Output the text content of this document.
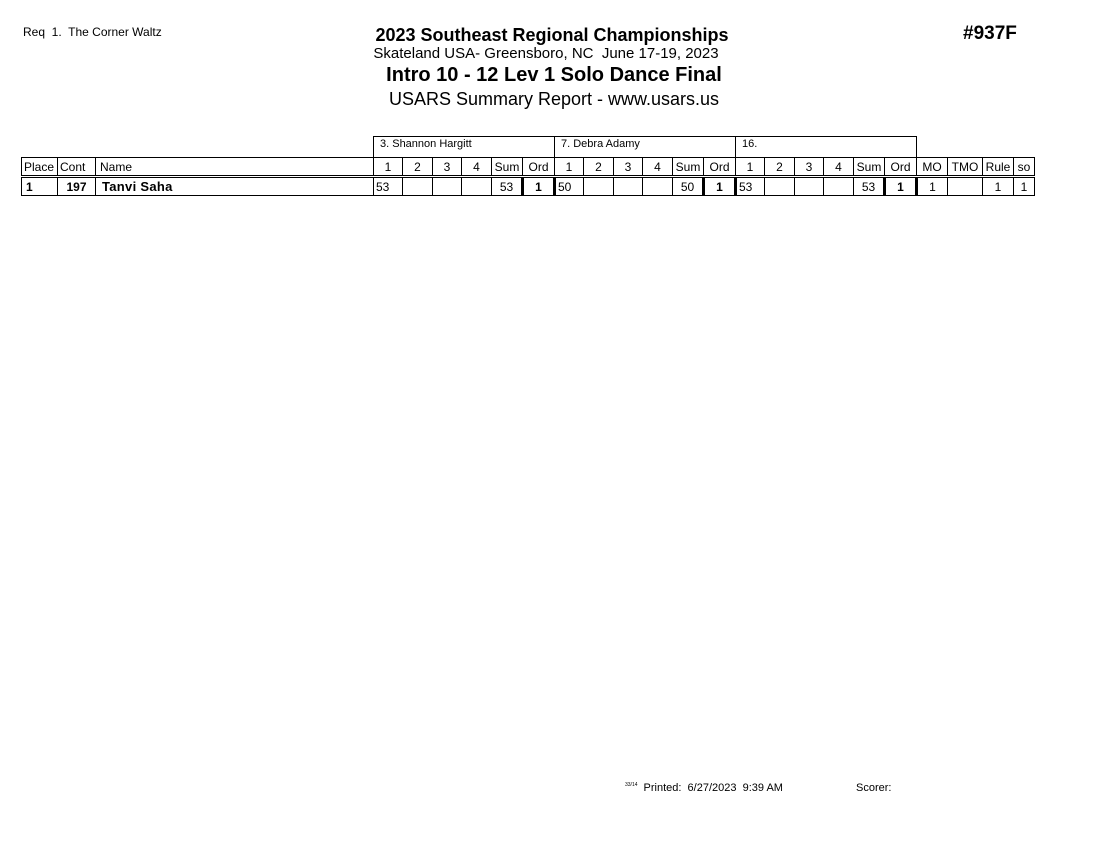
Req  1.  The Corner Waltz	2023 Southeast Regional Championships
Skateland USA- Greensboro, NC  June 17-19, 2023
Intro 10 - 12 Lev 1 Solo Dance Final
USARS Summary Report - www.usars.us
#937F
			3. Shannon Hargitt						7. Debra Adamy						16.									
Place	Cont	Name	1	2	3	4	Sum	Ord	1	2	3	4	Sum	Ord	1	2	3	4	Sum	Ord	MO	TMO	Rule	so
1	197	Tanvi Saha	53				53	1	50				50	1	53				53	1	1		1	1
$^{33/14}$ Printed:  6/27/2023  9:39 AM	Scorer:
